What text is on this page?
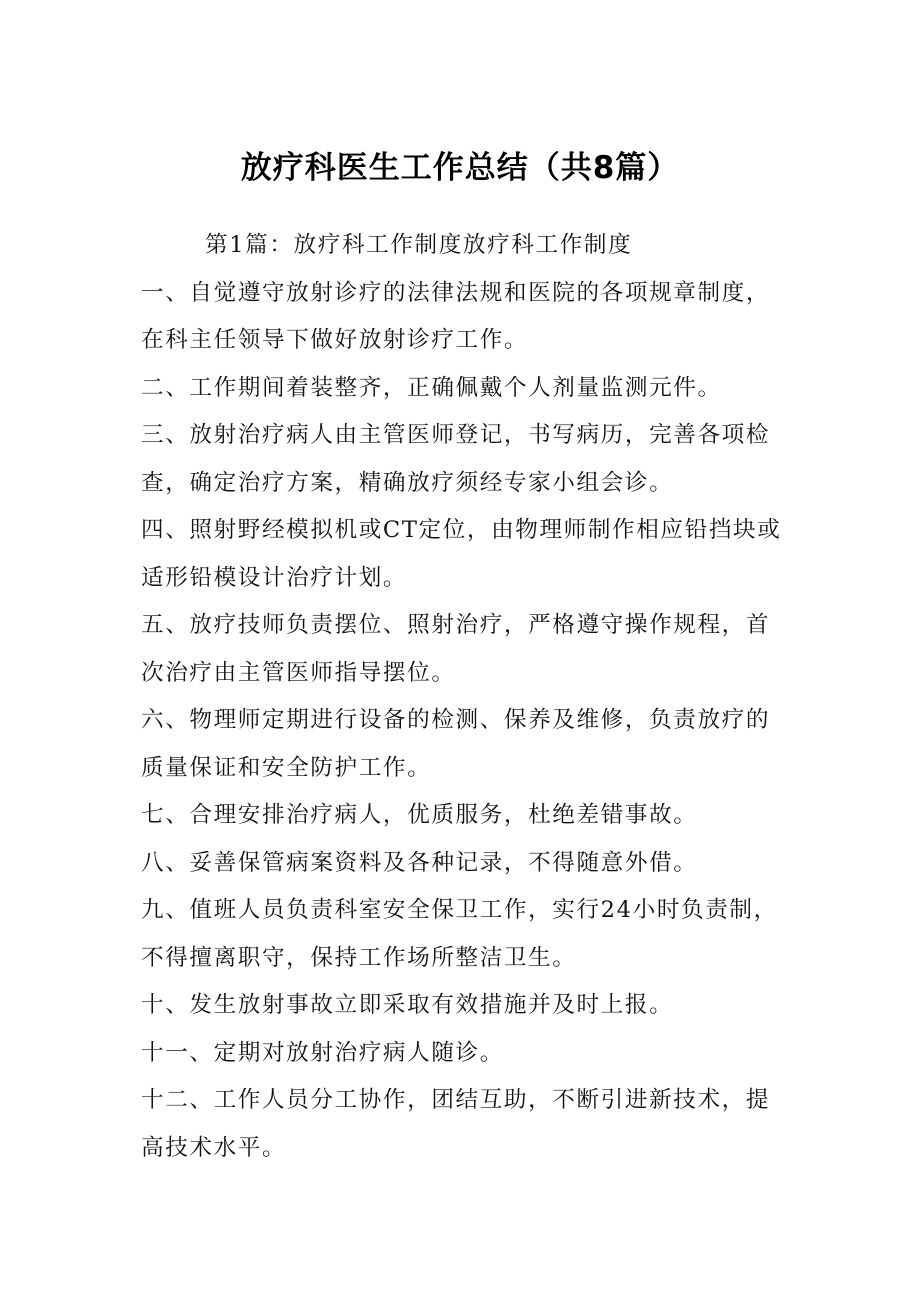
放疗科医生工作总结（共8篇）

第1篇：放疗科工作制度放疗科工作制度

一、自觉遵守放射诊疗的法律法规和医院的各项规章制度，在科主任领导下做好放射诊疗工作。

二、工作期间着装整齐，正确佩戴个人剂量监测元件。

三、放射治疗病人由主管医师登记，书写病历，完善各项检查，确定治疗方案，精确放疗须经专家小组会诊。

四、照射野经模拟机或CT定位，由物理师制作相应铅挡块或适形铅模设计治疗计划。

五、放疗技师负责摆位、照射治疗，严格遵守操作规程，首次治疗由主管医师指导摆位。

六、物理师定期进行设备的检测、保养及维修，负责放疗的质量保证和安全防护工作。

七、合理安排治疗病人，优质服务，杜绝差错事故。

八、妥善保管病案资料及各种记录，不得随意外借。

九、值班人员负责科室安全保卫工作，实行24小时负责制，不得擅离职守，保持工作场所整洁卫生。

十、发生放射事故立即采取有效措施并及时上报。

十一、定期对放射治疗病人随诊。

十二、工作人员分工协作，团结互助，不断引进新技术，提高技术水平。
